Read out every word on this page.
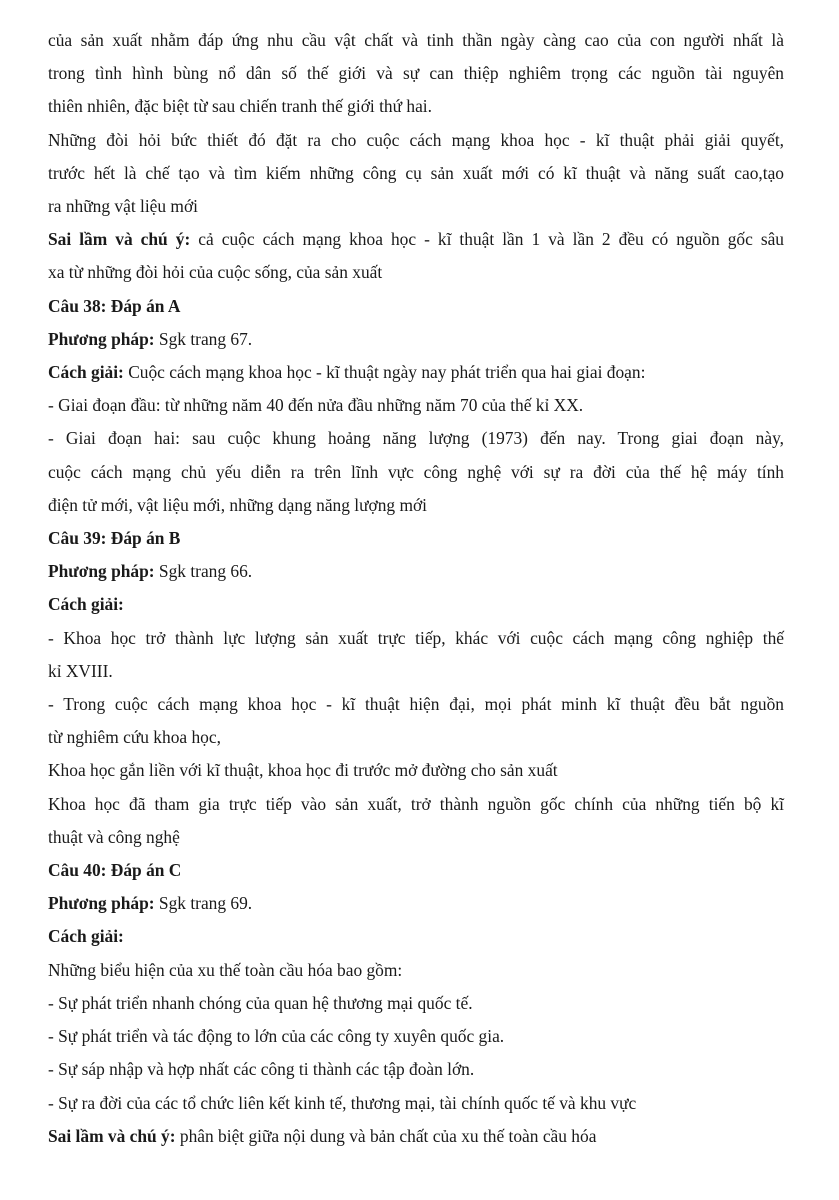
của sản xuất nhằm đáp ứng nhu cầu vật chất và tinh thần ngày càng cao của con người nhất là
trong tình hình bùng nổ dân số thế giới và sự can thiệp nghiêm trọng các nguồn tài nguyên
thiên nhiên, đặc biệt từ sau chiến tranh thế giới thứ hai.

Những đòi hỏi bức thiết đó đặt ra cho cuộc cách mạng khoa học - kĩ thuật phải giải quyết,
trước hết là chế tạo và tìm kiếm những công cụ sản xuất mới có kĩ thuật và năng suất cao,tạo
ra những vật liệu mới

Sai lầm và chú ý: cả cuộc cách mạng khoa học - kĩ thuật lần 1 và lần 2 đều có nguồn gốc sâu
xa từ những đòi hỏi của cuộc sống, của sản xuất

Câu 38: Đáp án A

Phương pháp: Sgk trang 67.

Cách giải: Cuộc cách mạng khoa học - kĩ thuật ngày nay phát triển qua hai giai đoạn:

- Giai đoạn đầu: từ những năm 40 đến nửa đầu những năm 70 của thế kỉ XX.

- Giai đoạn hai: sau cuộc khung hoảng năng lượng (1973) đến nay. Trong giai đoạn này,
cuộc cách mạng chủ yếu diễn ra trên lĩnh vực công nghệ với sự ra đời của thế hệ máy tính
điện tử mới, vật liệu mới, những dạng năng lượng mới

Câu 39: Đáp án B

Phương pháp: Sgk trang 66.

Cách giải:

- Khoa học trở thành lực lượng sản xuất trực tiếp, khác với cuộc cách mạng công nghiệp thế
kỉ XVIII.

- Trong cuộc cách mạng khoa học - kĩ thuật hiện đại, mọi phát minh kĩ thuật đều bắt nguồn
từ nghiêm cứu khoa học,

Khoa học gắn liền với kĩ thuật, khoa học đi trước mở đường cho sản xuất

Khoa học đã tham gia trực tiếp vào sản xuất, trở thành nguồn gốc chính của những tiến bộ kĩ
thuật và công nghệ

Câu 40: Đáp án C

Phương pháp: Sgk trang 69.

Cách giải:

Những biểu hiện của xu thế toàn cầu hóa bao gồm:

- Sự phát triển nhanh chóng của quan hệ thương mại quốc tế.

- Sự phát triển và tác động to lớn của các công ty xuyên quốc gia.

- Sự sáp nhập và hợp nhất các công ti thành các tập đoàn lớn.

- Sự ra đời của các tổ chức liên kết kinh tế, thương mại, tài chính quốc tế và khu vực

Sai lầm và chú ý: phân biệt giữa nội dung và bản chất của xu thế toàn cầu hóa
